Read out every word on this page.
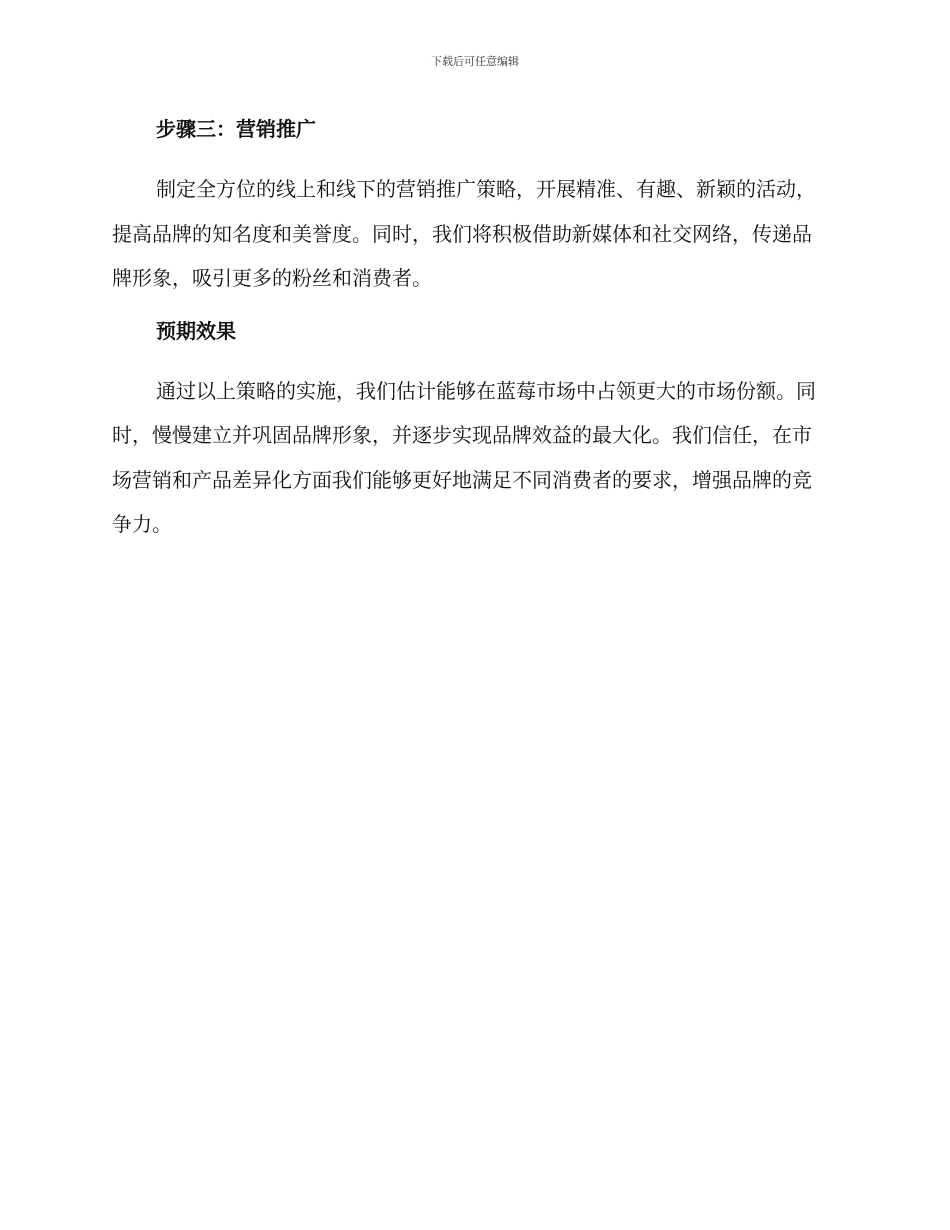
下载后可任意编辑
步骤三：营销推广

制定全方位的线上和线下的营销推广策略，开展精准、有趣、新颖的活动，提高品牌的知名度和美誉度。同时，我们将积极借助新媒体和社交网络，传递品牌形象，吸引更多的粉丝和消费者。

预期效果

通过以上策略的实施，我们估计能够在蓝莓市场中占领更大的市场份额。同时，慢慢建立并巩固品牌形象，并逐步实现品牌效益的最大化。我们信任，在市场营销和产品差异化方面我们能够更好地满足不同消费者的要求，增强品牌的竞争力。
